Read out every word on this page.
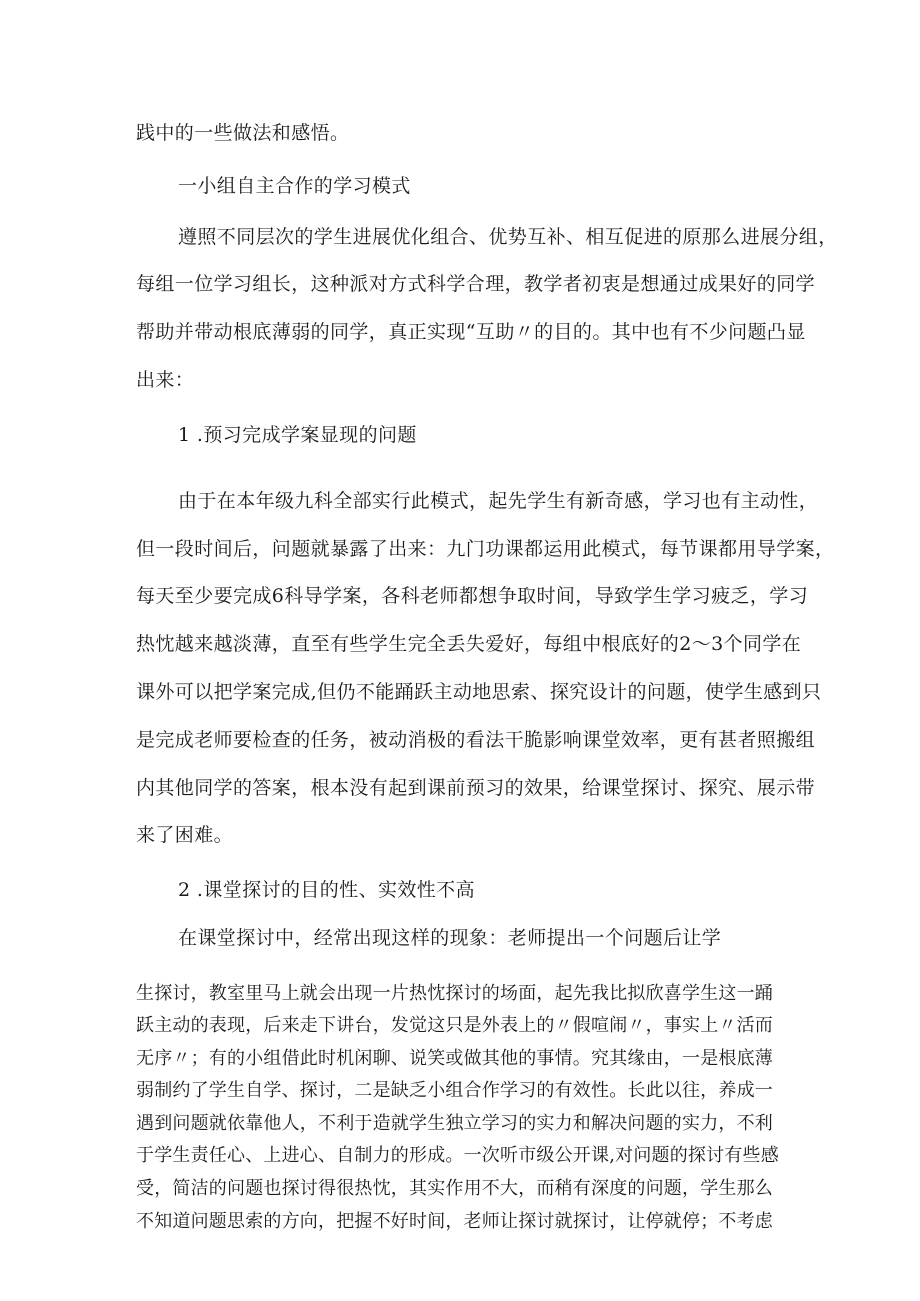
践中的一些做法和感悟。
一小组自主合作的学习模式
遵照不同层次的学生进展优化组合、优势互补、相互促进的原那么进展分组，
每组一位学习组长，这种派对方式科学合理，教学者初衷是想通过成果好的同学
帮助并带动根底薄弱的同学，真正实现“互助〃的目的。其中也有不少问题凸显
出来：
1 .预习完成学案显现的问题
由于在本年级九科全部实行此模式，起先学生有新奇感，学习也有主动性，
但一段时间后，问题就暴露了出来：九门功课都运用此模式，每节课都用导学案，
每天至少要完成6科导学案，各科老师都想争取时间，导致学生学习疲乏，学习
热忱越来越淡薄，直至有些学生完全丢失爱好，每组中根底好的2～3个同学在
课外可以把学案完成,但仍不能踊跃主动地思索、探究设计的问题，使学生感到只
是完成老师要检查的任务，被动消极的看法干脆影响课堂效率，更有甚者照搬组
内其他同学的答案，根本没有起到课前预习的效果，给课堂探讨、探究、展示带
来了困难。
2 .课堂探讨的目的性、实效性不高
在课堂探讨中，经常出现这样的现象：老师提出一个问题后让学
生探讨，教室里马上就会出现一片热忱探讨的场面，起先我比拟欣喜学生这一踊
跃主动的表现，后来走下讲台，发觉这只是外表上的〃假喧闹〃，事实上〃活而
无序〃；有的小组借此时机闲聊、说笑或做其他的事情。究其缘由，一是根底薄
弱制约了学生自学、探讨，二是缺乏小组合作学习的有效性。长此以往，养成一
遇到问题就依靠他人，不利于造就学生独立学习的实力和解决问题的实力，不利
于学生责任心、上进心、自制力的形成。一次听市级公开课,对问题的探讨有些感
受，简洁的问题也探讨得很热忱，其实作用不大，而稍有深度的问题，学生那么
不知道问题思索的方向，把握不好时间，老师让探讨就探讨，让停就停；不考虑
